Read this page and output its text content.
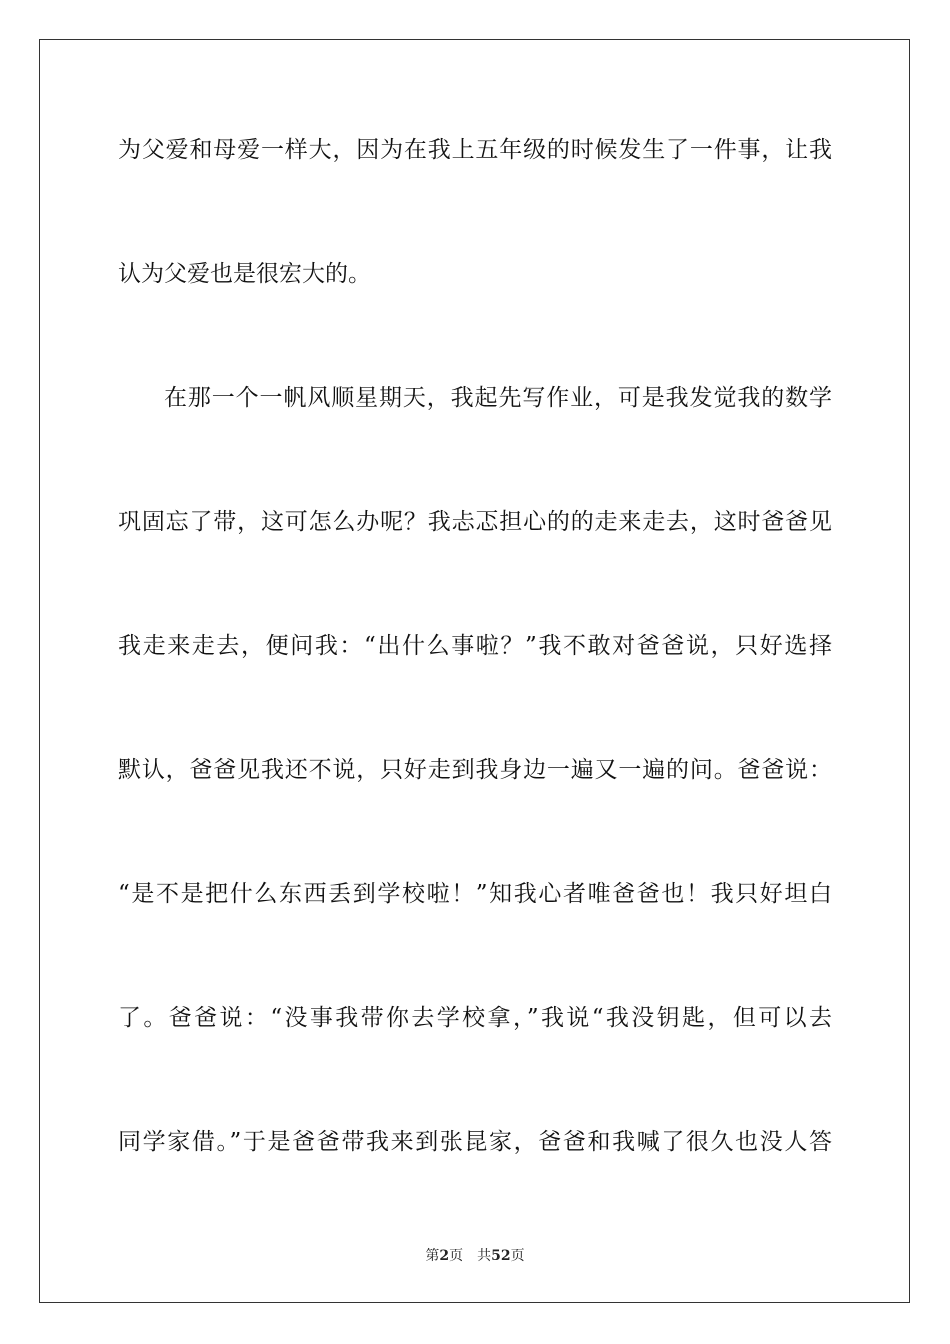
为父爱和母爱一样大，因为在我上五年级的时候发生了一件事，让我
认为父爱也是很宏大的。
在那一个一帆风顺星期天，我起先写作业，可是我发觉我的数学
巩固忘了带，这可怎么办呢？我忐忑担心的的走来走去，这时爸爸见
我走来走去，便问我：“出什么事啦？”我不敢对爸爸说，只好选择
默认，爸爸见我还不说，只好走到我身边一遍又一遍的问。爸爸说：
“是不是把什么东西丢到学校啦！”知我心者唯爸爸也！我只好坦白
了。爸爸说：“没事我带你去学校拿，”我说“我没钥匙，但可以去
同学家借。”于是爸爸带我来到张昆家，爸爸和我喊了很久也没人答
第2页 共52页
